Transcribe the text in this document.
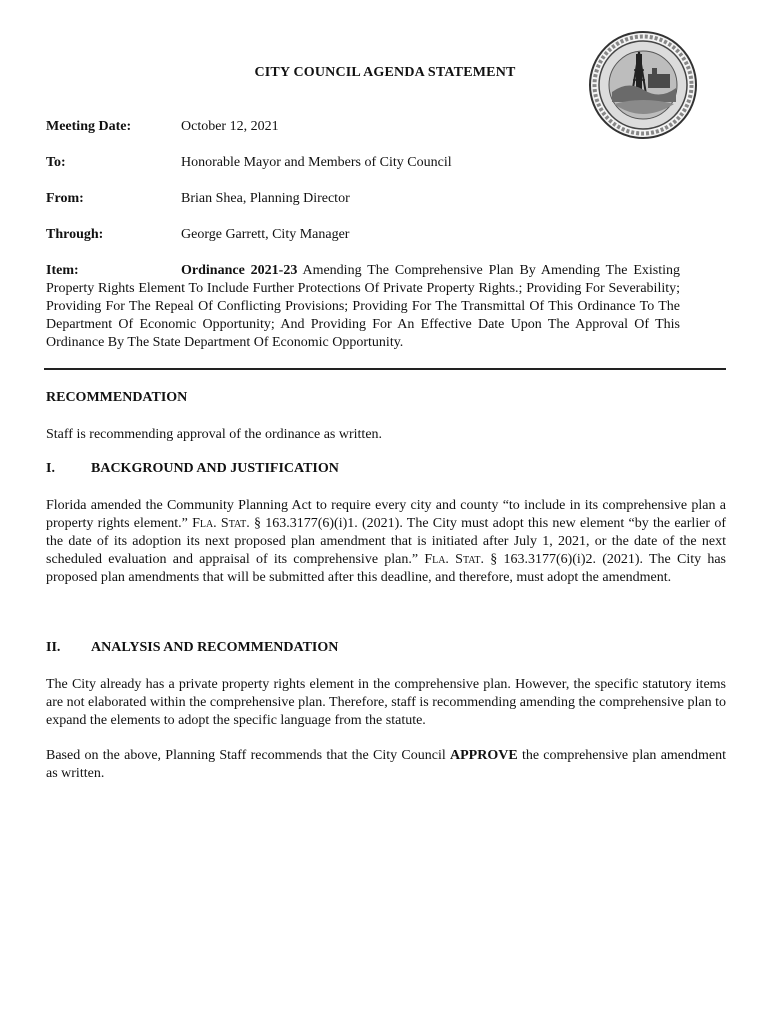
CITY COUNCIL AGENDA STATEMENT
Meeting Date:	October 12, 2021
To:	Honorable Mayor and Members of City Council
From:	Brian Shea, Planning Director
Through:	George Garrett, City Manager
Item:	Ordinance 2021-23 Amending The Comprehensive Plan By Amending The Existing Property Rights Element To Include Further Protections Of Private Property Rights.; Providing For Severability; Providing For The Repeal Of Conflicting Provisions; Providing For The Transmittal Of This Ordinance To The Department Of Economic Opportunity; And Providing For An Effective Date Upon The Approval Of This Ordinance By The State Department Of Economic Opportunity.
RECOMMENDATION
Staff is recommending approval of the ordinance as written.
I.	BACKGROUND AND JUSTIFICATION
Florida amended the Community Planning Act to require every city and county “to include in its comprehensive plan a property rights element.” Fla. Stat. § 163.3177(6)(i)1. (2021). The City must adopt this new element “by the earlier of the date of its adoption its next proposed plan amendment that is initiated after July 1, 2021, or the date of the next scheduled evaluation and appraisal of its comprehensive plan.” Fla. Stat. § 163.3177(6)(i)2. (2021). The City has proposed plan amendments that will be submitted after this deadline, and therefore, must adopt the amendment.
II. ANALYSIS AND RECOMMENDATION
The City already has a private property rights element in the comprehensive plan. However, the specific statutory items are not elaborated within the comprehensive plan. Therefore, staff is recommending amending the comprehensive plan to expand the elements to adopt the specific language from the statute.
Based on the above, Planning Staff recommends that the City Council APPROVE the comprehensive plan amendment as written.
